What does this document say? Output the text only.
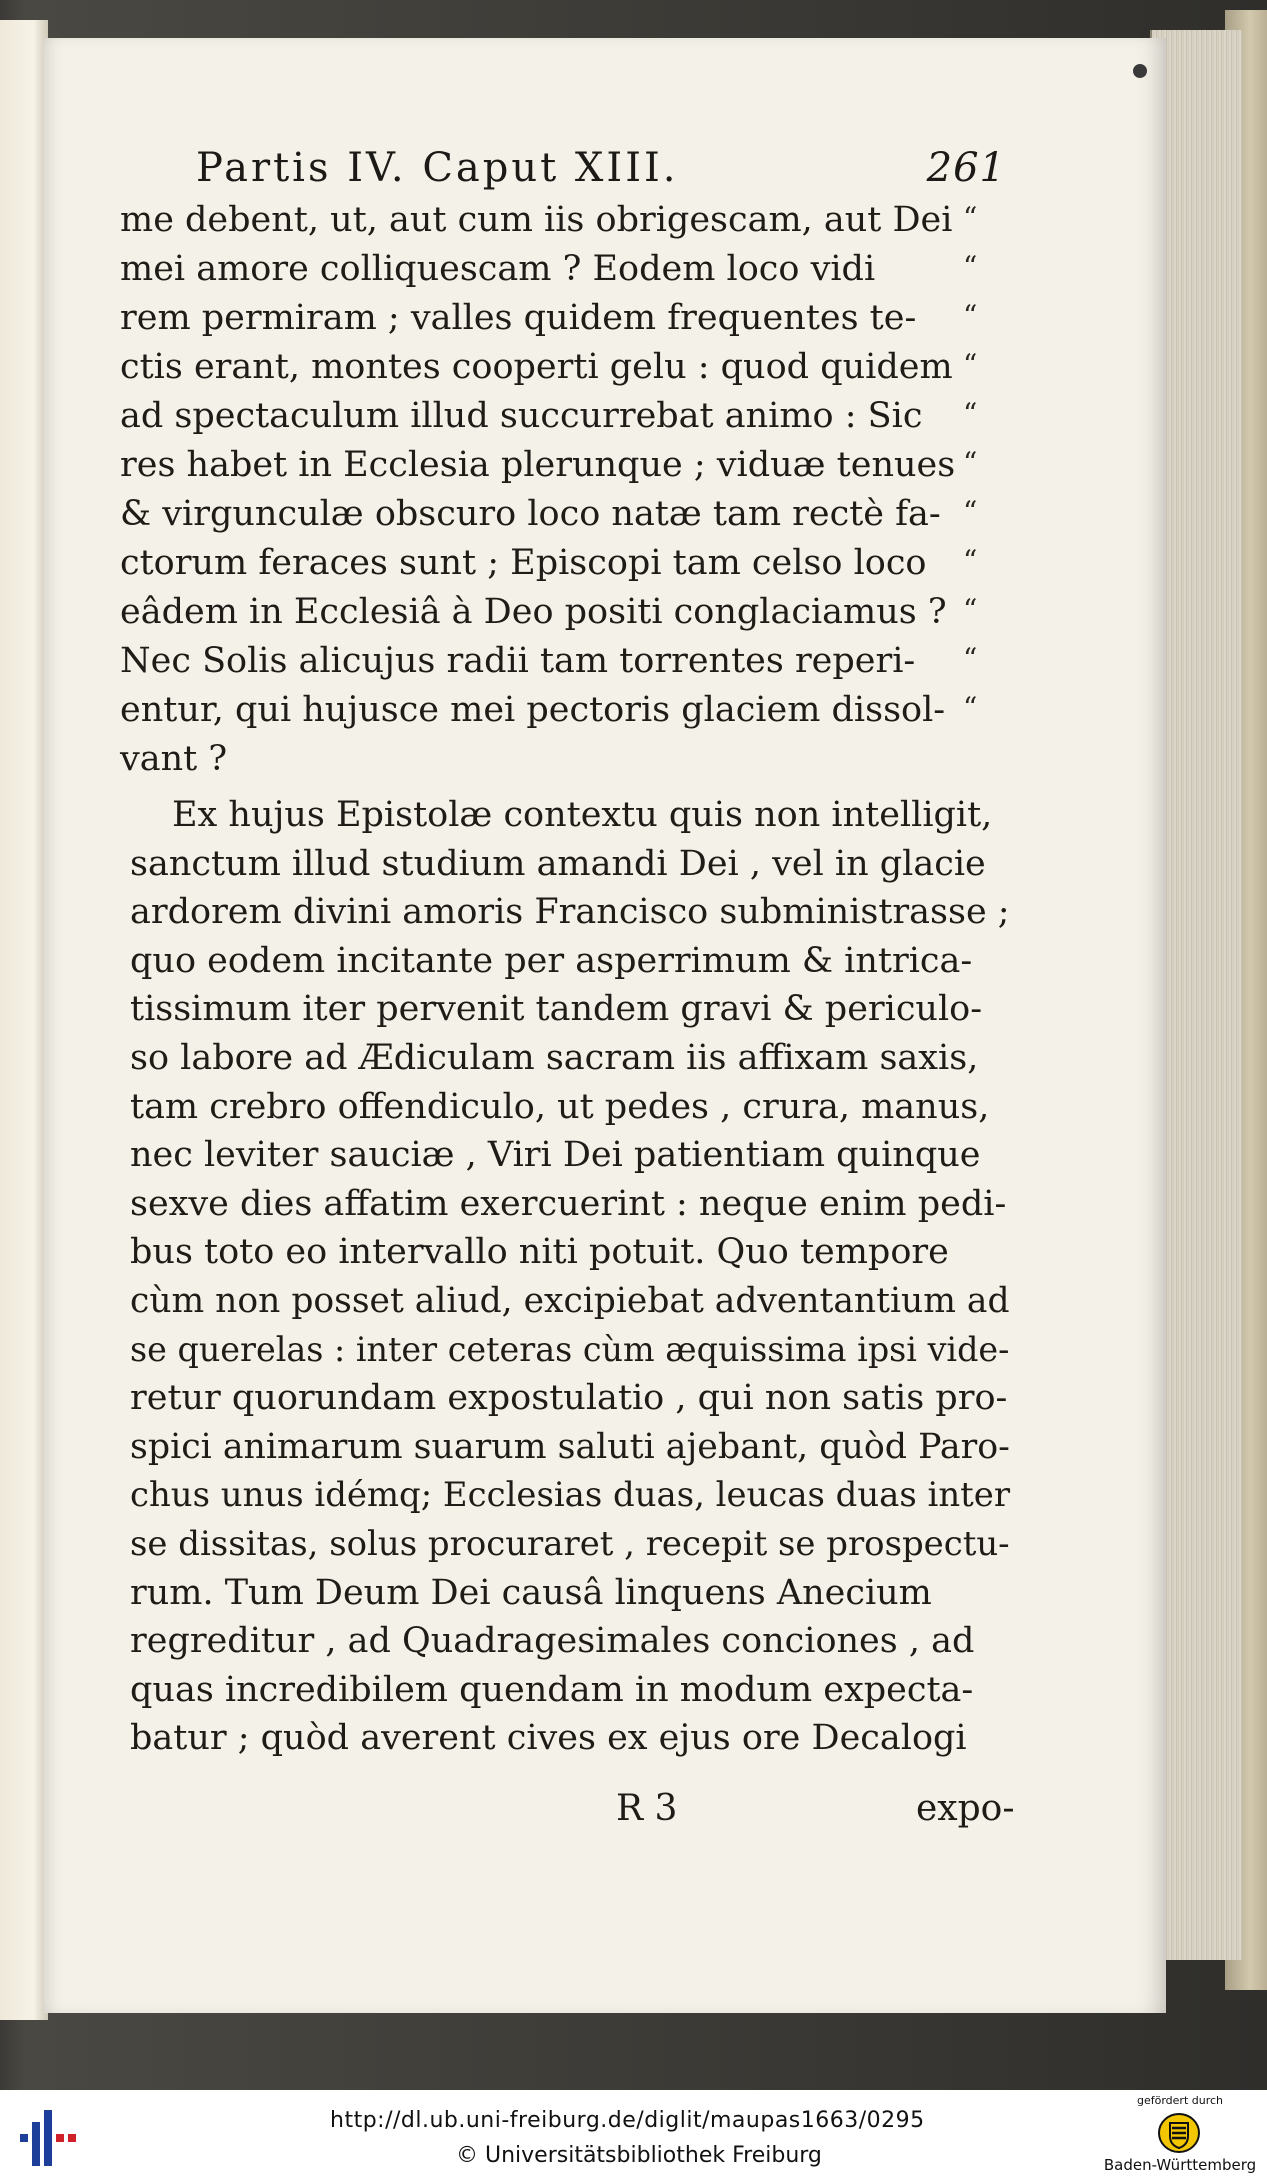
Partis IV. Caput XIII.	261
me debent, ut, aut cum iis obrigescam, aut Dei “
mei amore colliquescam ? Eodem loco vidi	“
rem permiram ; valles quidem frequentes te- “
ctis erant, montes cooperti gelu : quod quidem “
ad spectaculum illud succurrebat animo : Sic “
res habet in Ecclesia plerunque ; viduæ tenues “
& virgunculæ obscuro loco natæ tam rectè fa- “
ctorum feraces sunt ; Episcopi tam celso loco “
eâdem in Ecclesiâ à Deo positi conglaciamus ? “
Nec Solis alicujus radii tam torrentes reperi- “
entur, qui hujusce mei pectoris glaciem dissol- “
vant ?
Ex hujus Epistolæ contextu quis non intelligit,
sanctum illud studium amandi Dei , vel in glacie
ardorem divini amoris Francisco subministrasse ;
quo eodem incitante per asperrimum & intrica-
tissimum iter pervenit tandem gravi & periculo-
so labore ad Ædiculam sacram iis affixam saxis,
tam crebro offendiculo, ut pedes , crura, manus,
nec leviter sauciæ , Viri Dei patientiam quinque
sexve dies affatim exercuerint : neque enim pedi-
bus toto eo intervallo niti potuit. Quo tempore
cùm non posset aliud, excipiebat adventantium ad
se querelas : inter ceteras cùm æquissima ipsi vide-
retur quorundam expostulatio , qui non satis pro-
spici animarum suarum saluti ajebant, quòd Paro-
chus unus idémq; Ecclesias duas, leucas duas inter
se dissitas, solus procuraret , recepit se prospectu-
rum. Tum Deum Dei causâ linquens Anecium
regreditur , ad Quadragesimales conciones , ad
quas incredibilem quendam in modum expecta-
batur ; quòd averent cives ex ejus ore Decalogi
R 3	expo-
http://dl.ub.uni-freiburg.de/diglit/maupas1663/0295
© Universitätsbibliothek Freiburg
gefördert durch
Baden-Württemberg
